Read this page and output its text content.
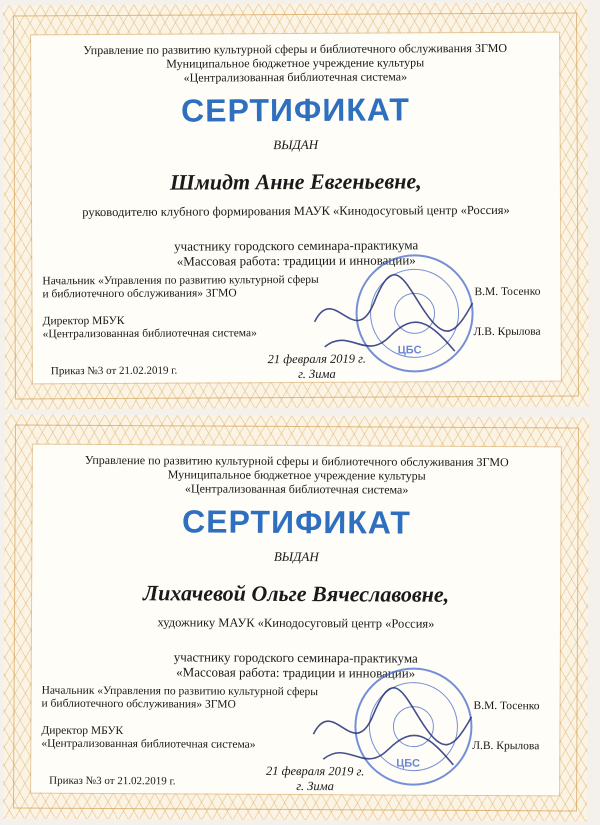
Управление по развитию культурной сферы и библиотечного обслуживания ЗГМО
Муниципальное бюджетное учреждение культуры
«Централизованная библиотечная система»
СЕРТИФИКАТ
ВЫДАН
Шмидт Анне Евгеньевне,
руководителю клубного формирования МАУК «Кинодосуговый центр «Россия»
участнику городского семинара-практикума
«Массовая работа: традиции и инновации»
Начальник «Управления по развитию культурной сферы
и библиотечного обслуживания» ЗГМО	В.М. Тосенко
Директор МБУК
«Централизованная библиотечная система»	Л.В. Крылова
21 февраля 2019 г.
г. Зима
Приказ №3 от 21.02.2019 г.
ЦБС
Управление по развитию культурной сферы и библиотечного обслуживания ЗГМО
Муниципальное бюджетное учреждение культуры
«Централизованная библиотечная система»
СЕРТИФИКАТ
ВЫДАН
Лихачевой Ольге Вячеславовне,
художнику МАУК «Кинодосуговый центр «Россия»
участнику городского семинара-практикума
«Массовая работа: традиции и инновации»
Начальник «Управления по развитию культурной сферы
и библиотечного обслуживания» ЗГМО	В.М. Тосенко
Директор МБУК
«Централизованная библиотечная система»	Л.В. Крылова
21 февраля 2019 г.
г. Зима
Приказ №3 от 21.02.2019 г.
ЦБС
